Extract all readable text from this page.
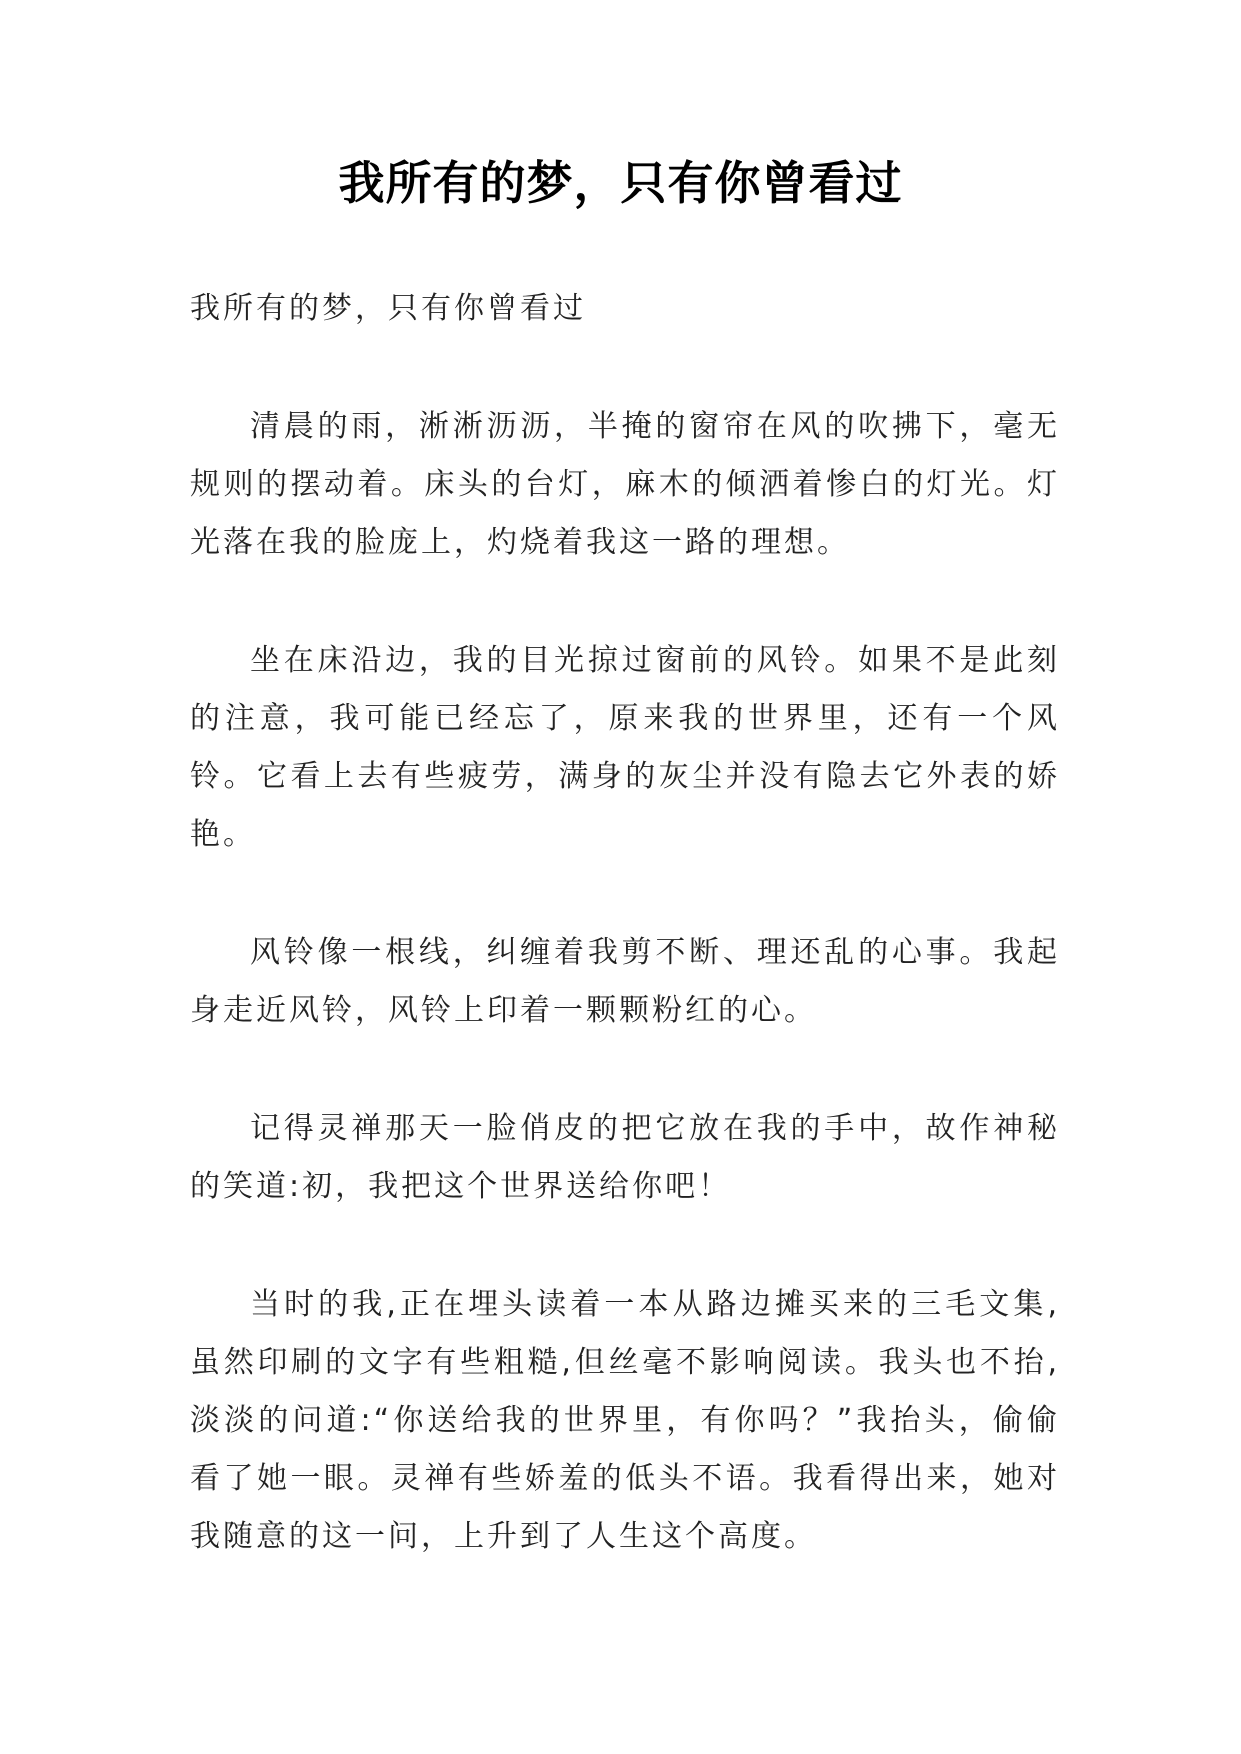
我所有的梦，只有你曾看过

我所有的梦，只有你曾看过

清晨的雨，淅淅沥沥，半掩的窗帘在风的吹拂下，毫无规则的摆动着。床头的台灯，麻木的倾洒着惨白的灯光。灯光落在我的脸庞上，灼烧着我这一路的理想。

坐在床沿边，我的目光掠过窗前的风铃。如果不是此刻的注意，我可能已经忘了，原来我的世界里，还有一个风铃。它看上去有些疲劳，满身的灰尘并没有隐去它外表的娇艳。

风铃像一根线，纠缠着我剪不断、理还乱的心事。我起身走近风铃，风铃上印着一颗颗粉红的心。

记得灵禅那天一脸俏皮的把它放在我的手中，故作神秘的笑道:初，我把这个世界送给你吧！

当时的我,正在埋头读着一本从路边摊买来的三毛文集,虽然印刷的文字有些粗糙,但丝毫不影响阅读。我头也不抬,淡淡的问道:“你送给我的世界里，有你吗？”我抬头，偷偷看了她一眼。灵禅有些娇羞的低头不语。我看得出来，她对我随意的这一问，上升到了人生这个高度。
